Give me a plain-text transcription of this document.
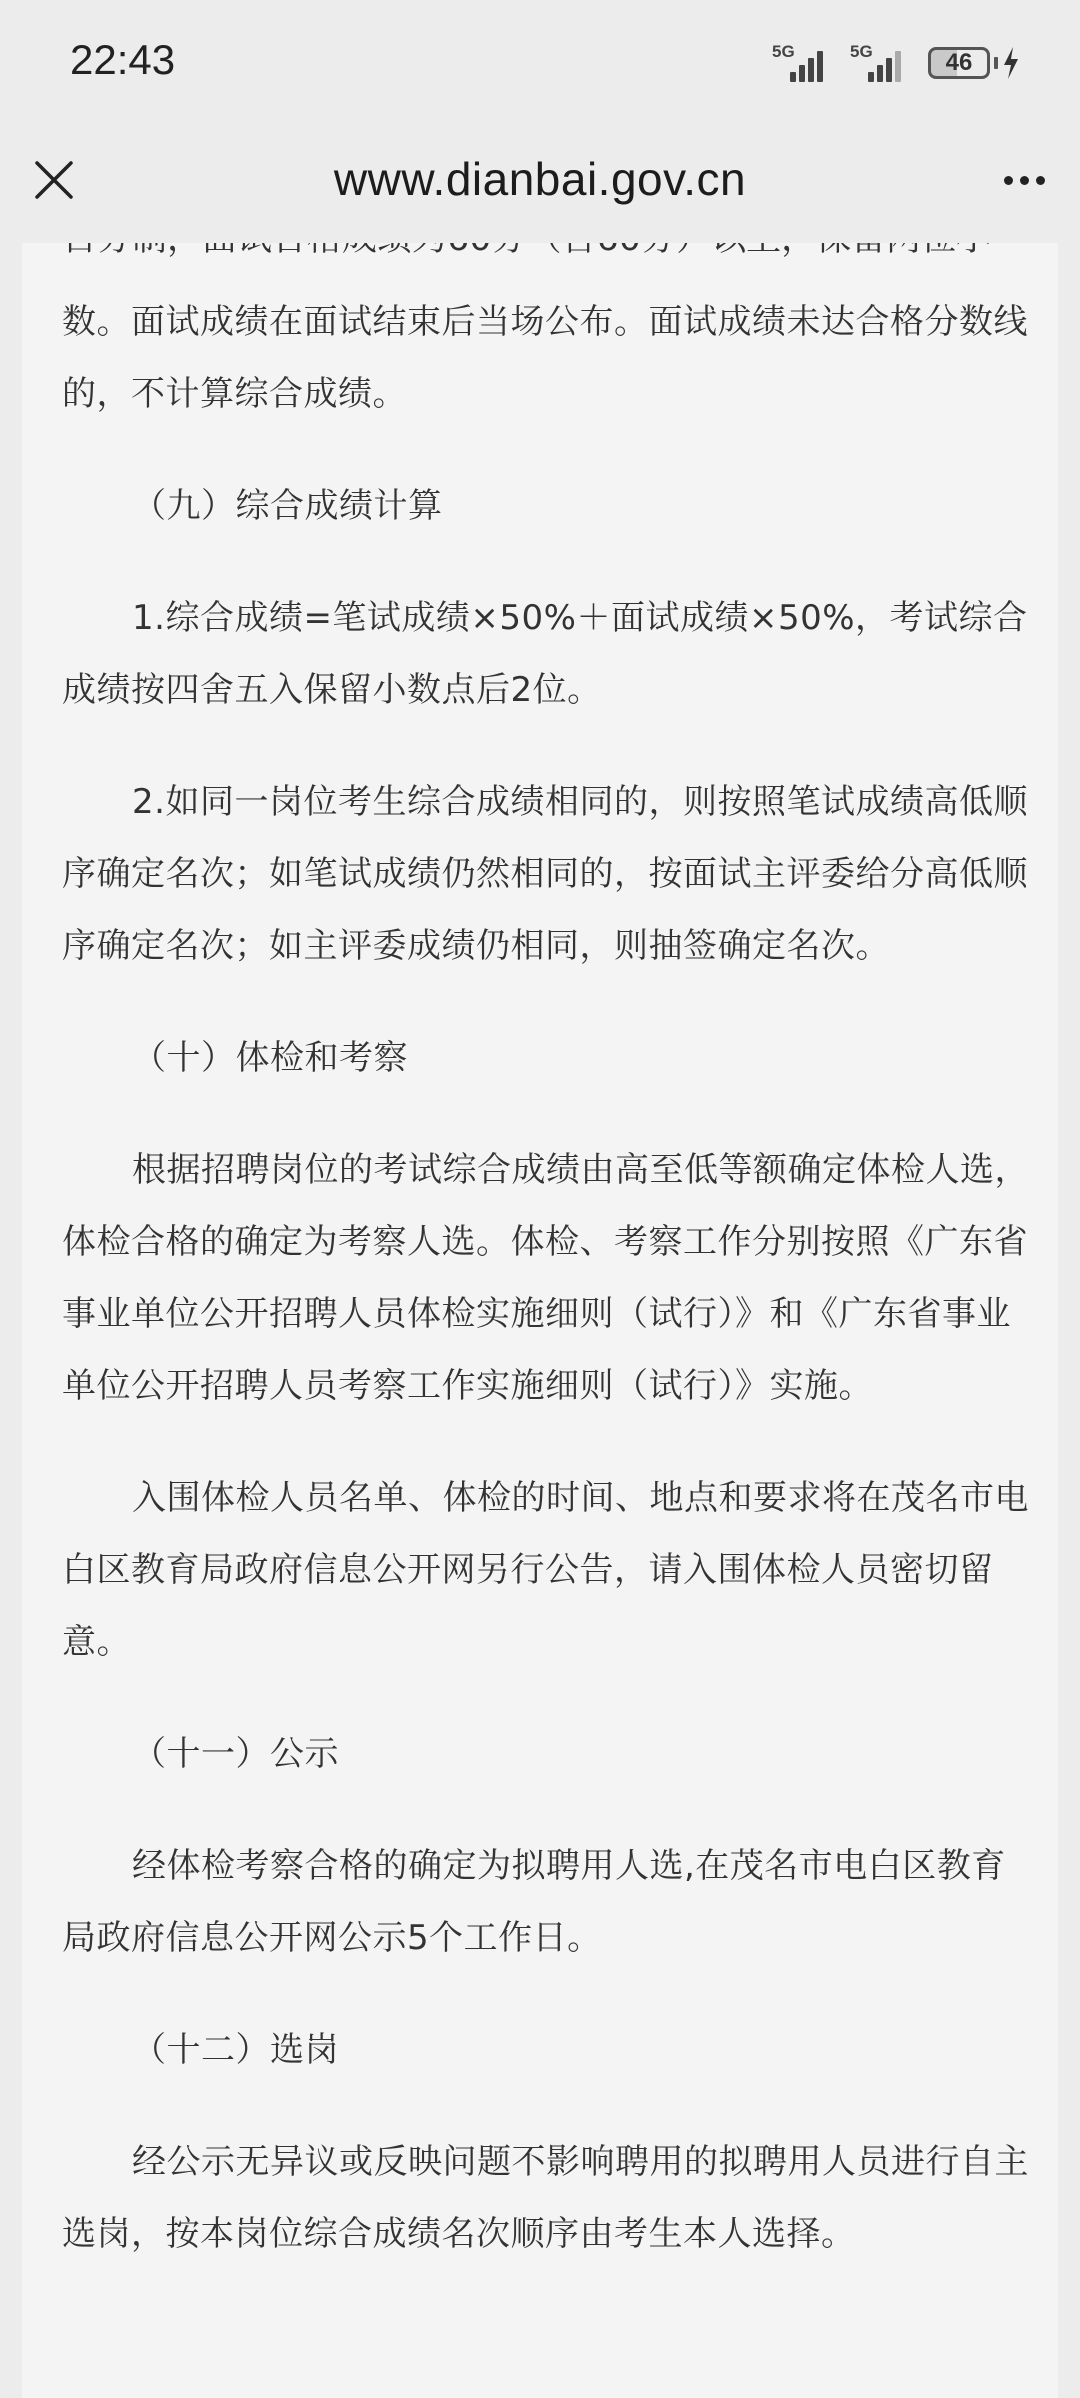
数。面试成绩在面试结束后当场公布。面试成绩未达合格分数线的，不计算综合成绩。

（九）综合成绩计算

1.综合成绩=笔试成绩×50%＋面试成绩×50%，考试综合成绩按四舍五入保留小数点后2位。

2.如同一岗位考生综合成绩相同的，则按照笔试成绩高低顺序确定名次；如笔试成绩仍然相同的，按面试主评委给分高低顺序确定名次；如主评委成绩仍相同，则抽签确定名次。

（十）体检和考察

根据招聘岗位的考试综合成绩由高至低等额确定体检人选，体检合格的确定为考察人选。体检、考察工作分别按照《广东省事业单位公开招聘人员体检实施细则（试行）》和《广东省事业单位公开招聘人员考察工作实施细则（试行）》实施。

入围体检人员名单、体检的时间、地点和要求将在茂名市电白区教育局政府信息公开网另行公告，请入围体检人员密切留意。

（十一）公示

经体检考察合格的确定为拟聘用人选,在茂名市电白区教育局政府信息公开网公示5个工作日。

（十二）选岗

经公示无异议或反映问题不影响聘用的拟聘用人员进行自主选岗，按本岗位综合成绩名次顺序由考生本人选择。

22:43	5G	5G	46
www.dianbai.gov.cn
